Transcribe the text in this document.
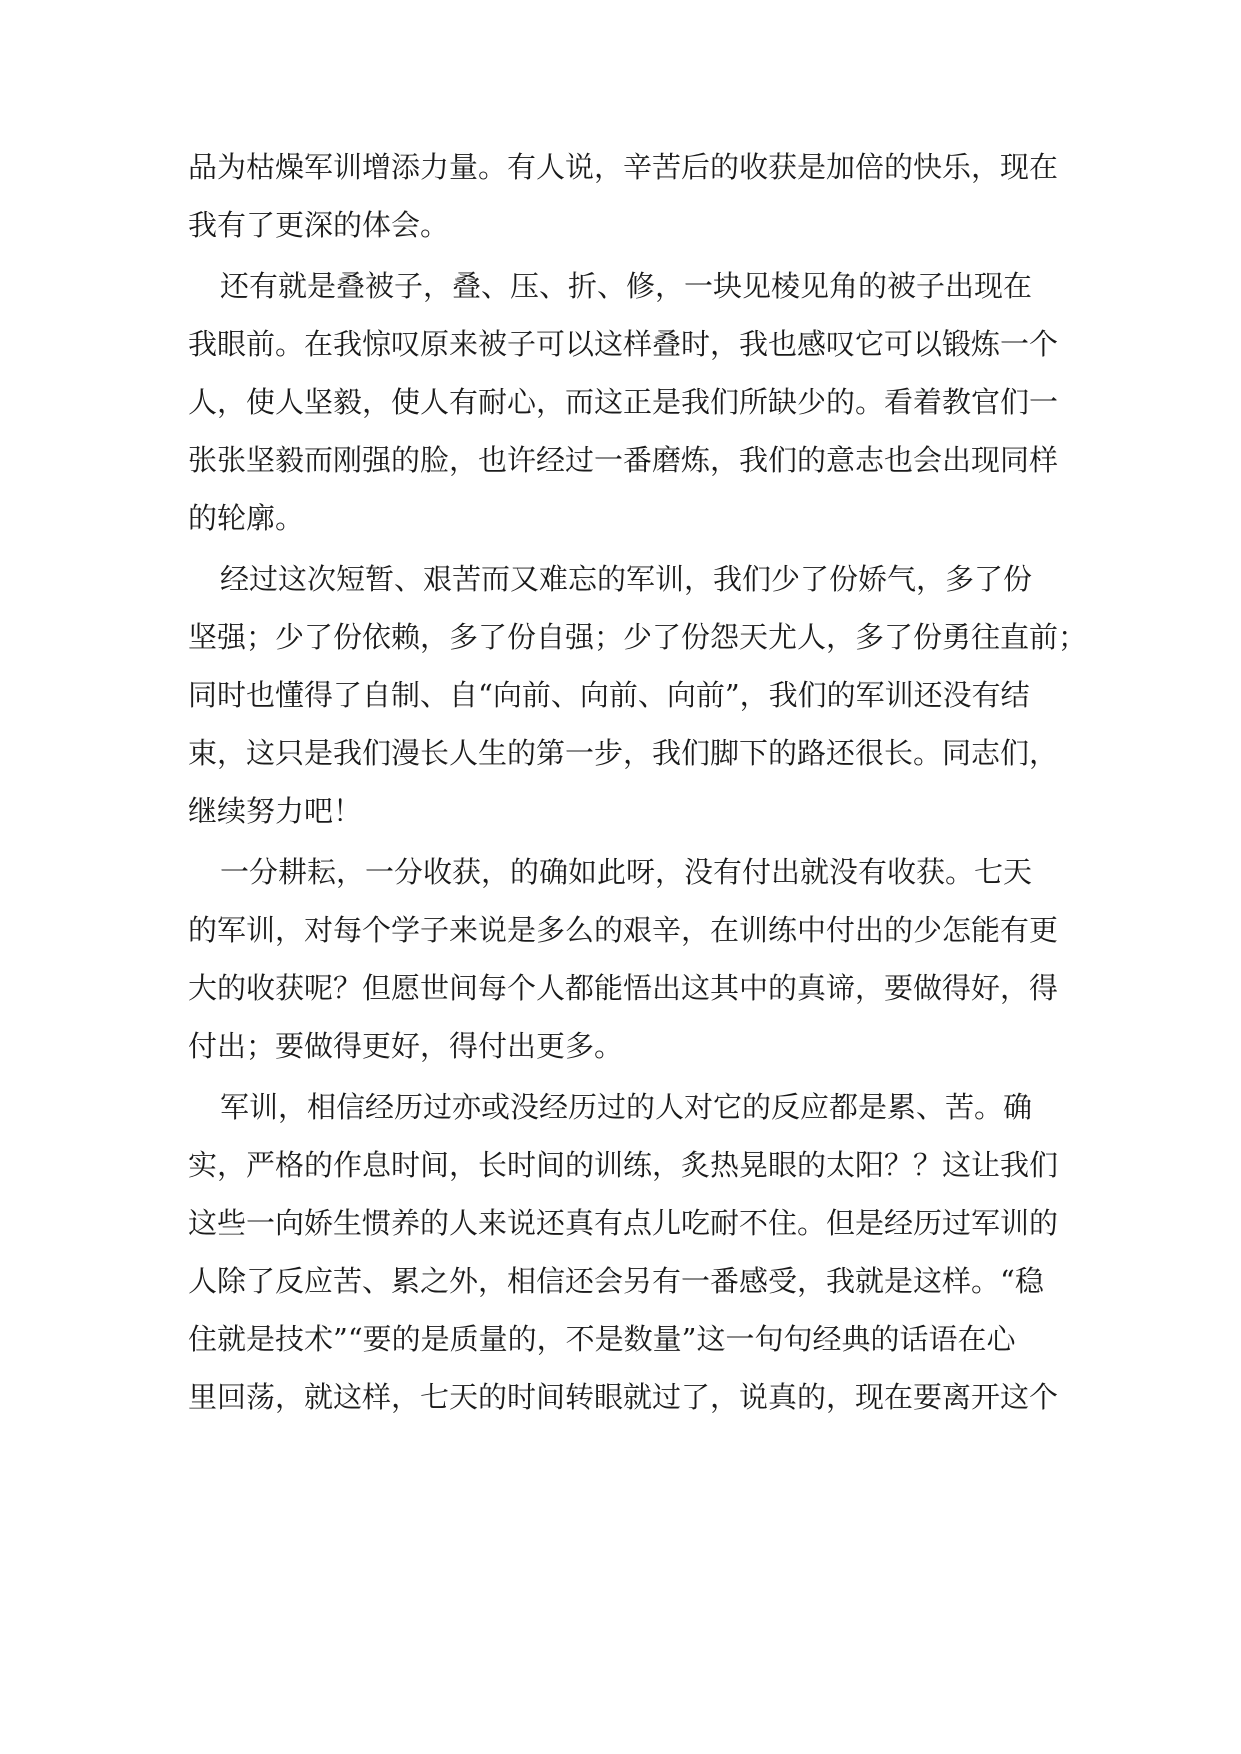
品为枯燥军训增添力量。有人说，辛苦后的收获是加倍的快乐，现在
我有了更深的体会。
还有就是叠被子，叠、压、折、修，一块见棱见角的被子出现在
我眼前。在我惊叹原来被子可以这样叠时，我也感叹它可以锻炼一个
人，使人坚毅，使人有耐心，而这正是我们所缺少的。看着教官们一
张张坚毅而刚强的脸，也许经过一番磨炼，我们的意志也会出现同样
的轮廓。
经过这次短暂、艰苦而又难忘的军训，我们少了份娇气，多了份
坚强；少了份依赖，多了份自强；少了份怨天尤人，多了份勇往直前；
同时也懂得了自制、自“向前、向前、向前”，我们的军训还没有结
束，这只是我们漫长人生的第一步，我们脚下的路还很长。同志们，
继续努力吧！
一分耕耘，一分收获，的确如此呀，没有付出就没有收获。七天
的军训，对每个学子来说是多么的艰辛，在训练中付出的少怎能有更
大的收获呢？但愿世间每个人都能悟出这其中的真谛，要做得好，得
付出；要做得更好，得付出更多。
军训，相信经历过亦或没经历过的人对它的反应都是累、苦。确
实，严格的作息时间，长时间的训练，炙热晃眼的太阳？？这让我们
这些一向娇生惯养的人来说还真有点儿吃耐不住。但是经历过军训的
人除了反应苦、累之外，相信还会另有一番感受，我就是这样。“稳
住就是技术”“要的是质量的，不是数量”这一句句经典的话语在心
里回荡，就这样，七天的时间转眼就过了，说真的，现在要离开这个
